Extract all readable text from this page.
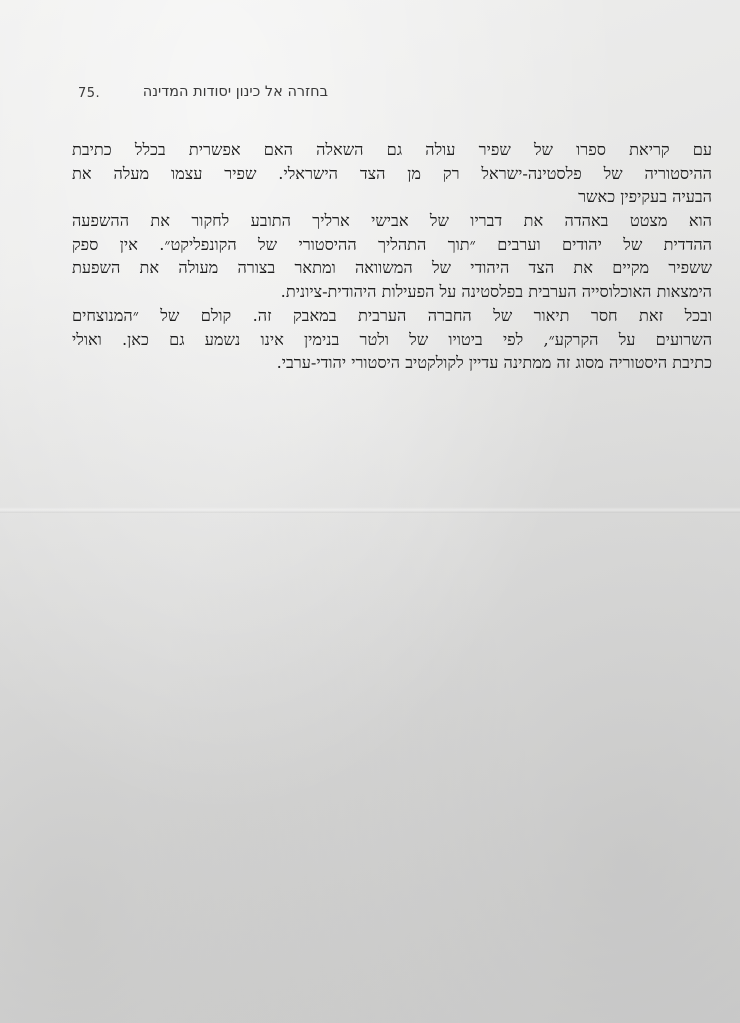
75.	בחזרה אל כינון יסודות המדינה
עם קריאת ספרו של שפיר עולה גם השאלה האם אפשרית בכלל כתיבת
ההיסטוריה של פלסטינה-ישראל רק מן הצד הישראלי. שפיר עצמו מעלה את
הבעיה בעקיפין כאשר
הוא מצטט באהדה את דבריו של אבישי ארליך התובע לחקור את ההשפעה
ההדדית של יהודים וערבים ״תוך התהליך ההיסטורי של הקונפליקט״. אין ספק
ששפיר מקיים את הצד היהודי של המשוואה ומתאר בצורה מעולה את השפעת
הימצאות האוכלוסייה הערבית בפלסטינה על הפעילות היהודית-ציונית.
ובכל זאת חסר תיאור של החברה הערבית במאבק זה. קולם של ״המנוצחים
השרועים על הקרקע״, לפי ביטויו של ולטר בנימין אינו נשמע גם כאן. ואולי
כתיבת היסטוריה מסוג זה ממתינה עדיין לקולקטיב היסטורי יהודי-ערבי.
